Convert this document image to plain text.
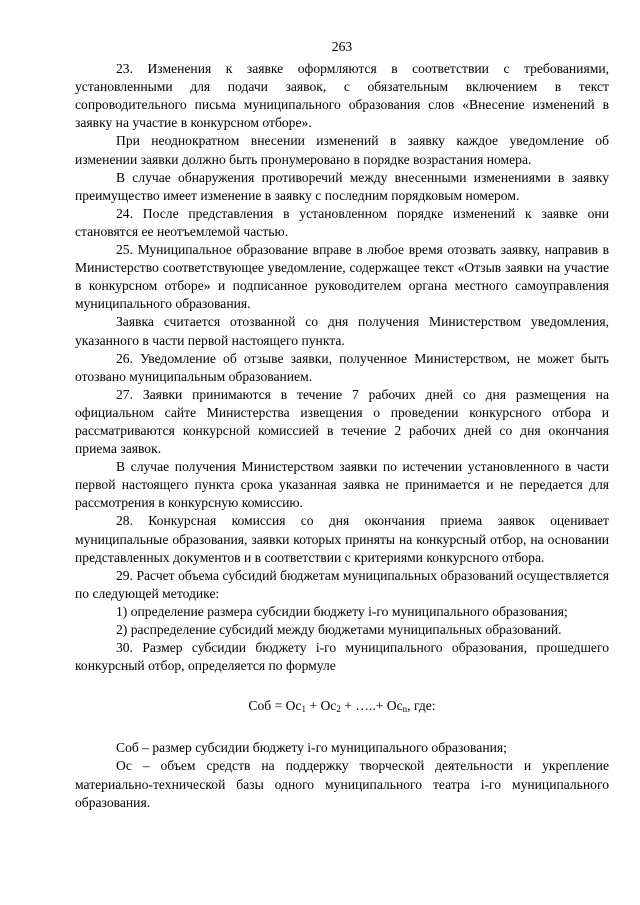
263

23. Изменения к заявке оформляются в соответствии с требованиями, установленными для подачи заявок, с обязательным включением в текст сопроводительного письма муниципального образования слов «Внесение изменений в заявку на участие в конкурсном отборе».

При неоднократном внесении изменений в заявку каждое уведомление об изменении заявки должно быть пронумеровано в порядке возрастания номера.

В случае обнаружения противоречий между внесенными изменениями в заявку преимущество имеет изменение в заявку с последним порядковым номером.

24. После представления в установленном порядке изменений к заявке они становятся ее неотъемлемой частью.

25. Муниципальное образование вправе в любое время отозвать заявку, направив в Министерство соответствующее уведомление, содержащее текст «Отзыв заявки на участие в конкурсном отборе» и подписанное руководителем органа местного самоуправления муниципального образования.

Заявка считается отозванной со дня получения Министерством уведомления, указанного в части первой настоящего пункта.

26. Уведомление об отзыве заявки, полученное Министерством, не может быть отозвано муниципальным образованием.

27. Заявки принимаются в течение 7 рабочих дней со дня размещения на официальном сайте Министерства извещения о проведении конкурсного отбора и рассматриваются конкурсной комиссией в течение 2 рабочих дней со дня окончания приема заявок.

В случае получения Министерством заявки по истечении установленного в части первой настоящего пункта срока указанная заявка не принимается и не передается для рассмотрения в конкурсную комиссию.

28. Конкурсная комиссия со дня окончания приема заявок оценивает муниципальные образования, заявки которых приняты на конкурсный отбор, на основании представленных документов и в соответствии с критериями конкурсного отбора.

29. Расчет объема субсидий бюджетам муниципальных образований осуществляется по следующей методике:

1) определение размера субсидии бюджету i-го муниципального образования;

2) распределение субсидий между бюджетами муниципальных образований.

30. Размер субсидии бюджету i-го муниципального образования, прошедшего конкурсный отбор, определяется по формуле

Соб = $Ос_1 + Ос_2$ + …..+ $Ос_n$, где:

Соб – размер субсидии бюджету i-го муниципального образования;

Ос – объем средств на поддержку творческой деятельности и укрепление материально-технической базы одного муниципального театра i-го муниципального образования.
